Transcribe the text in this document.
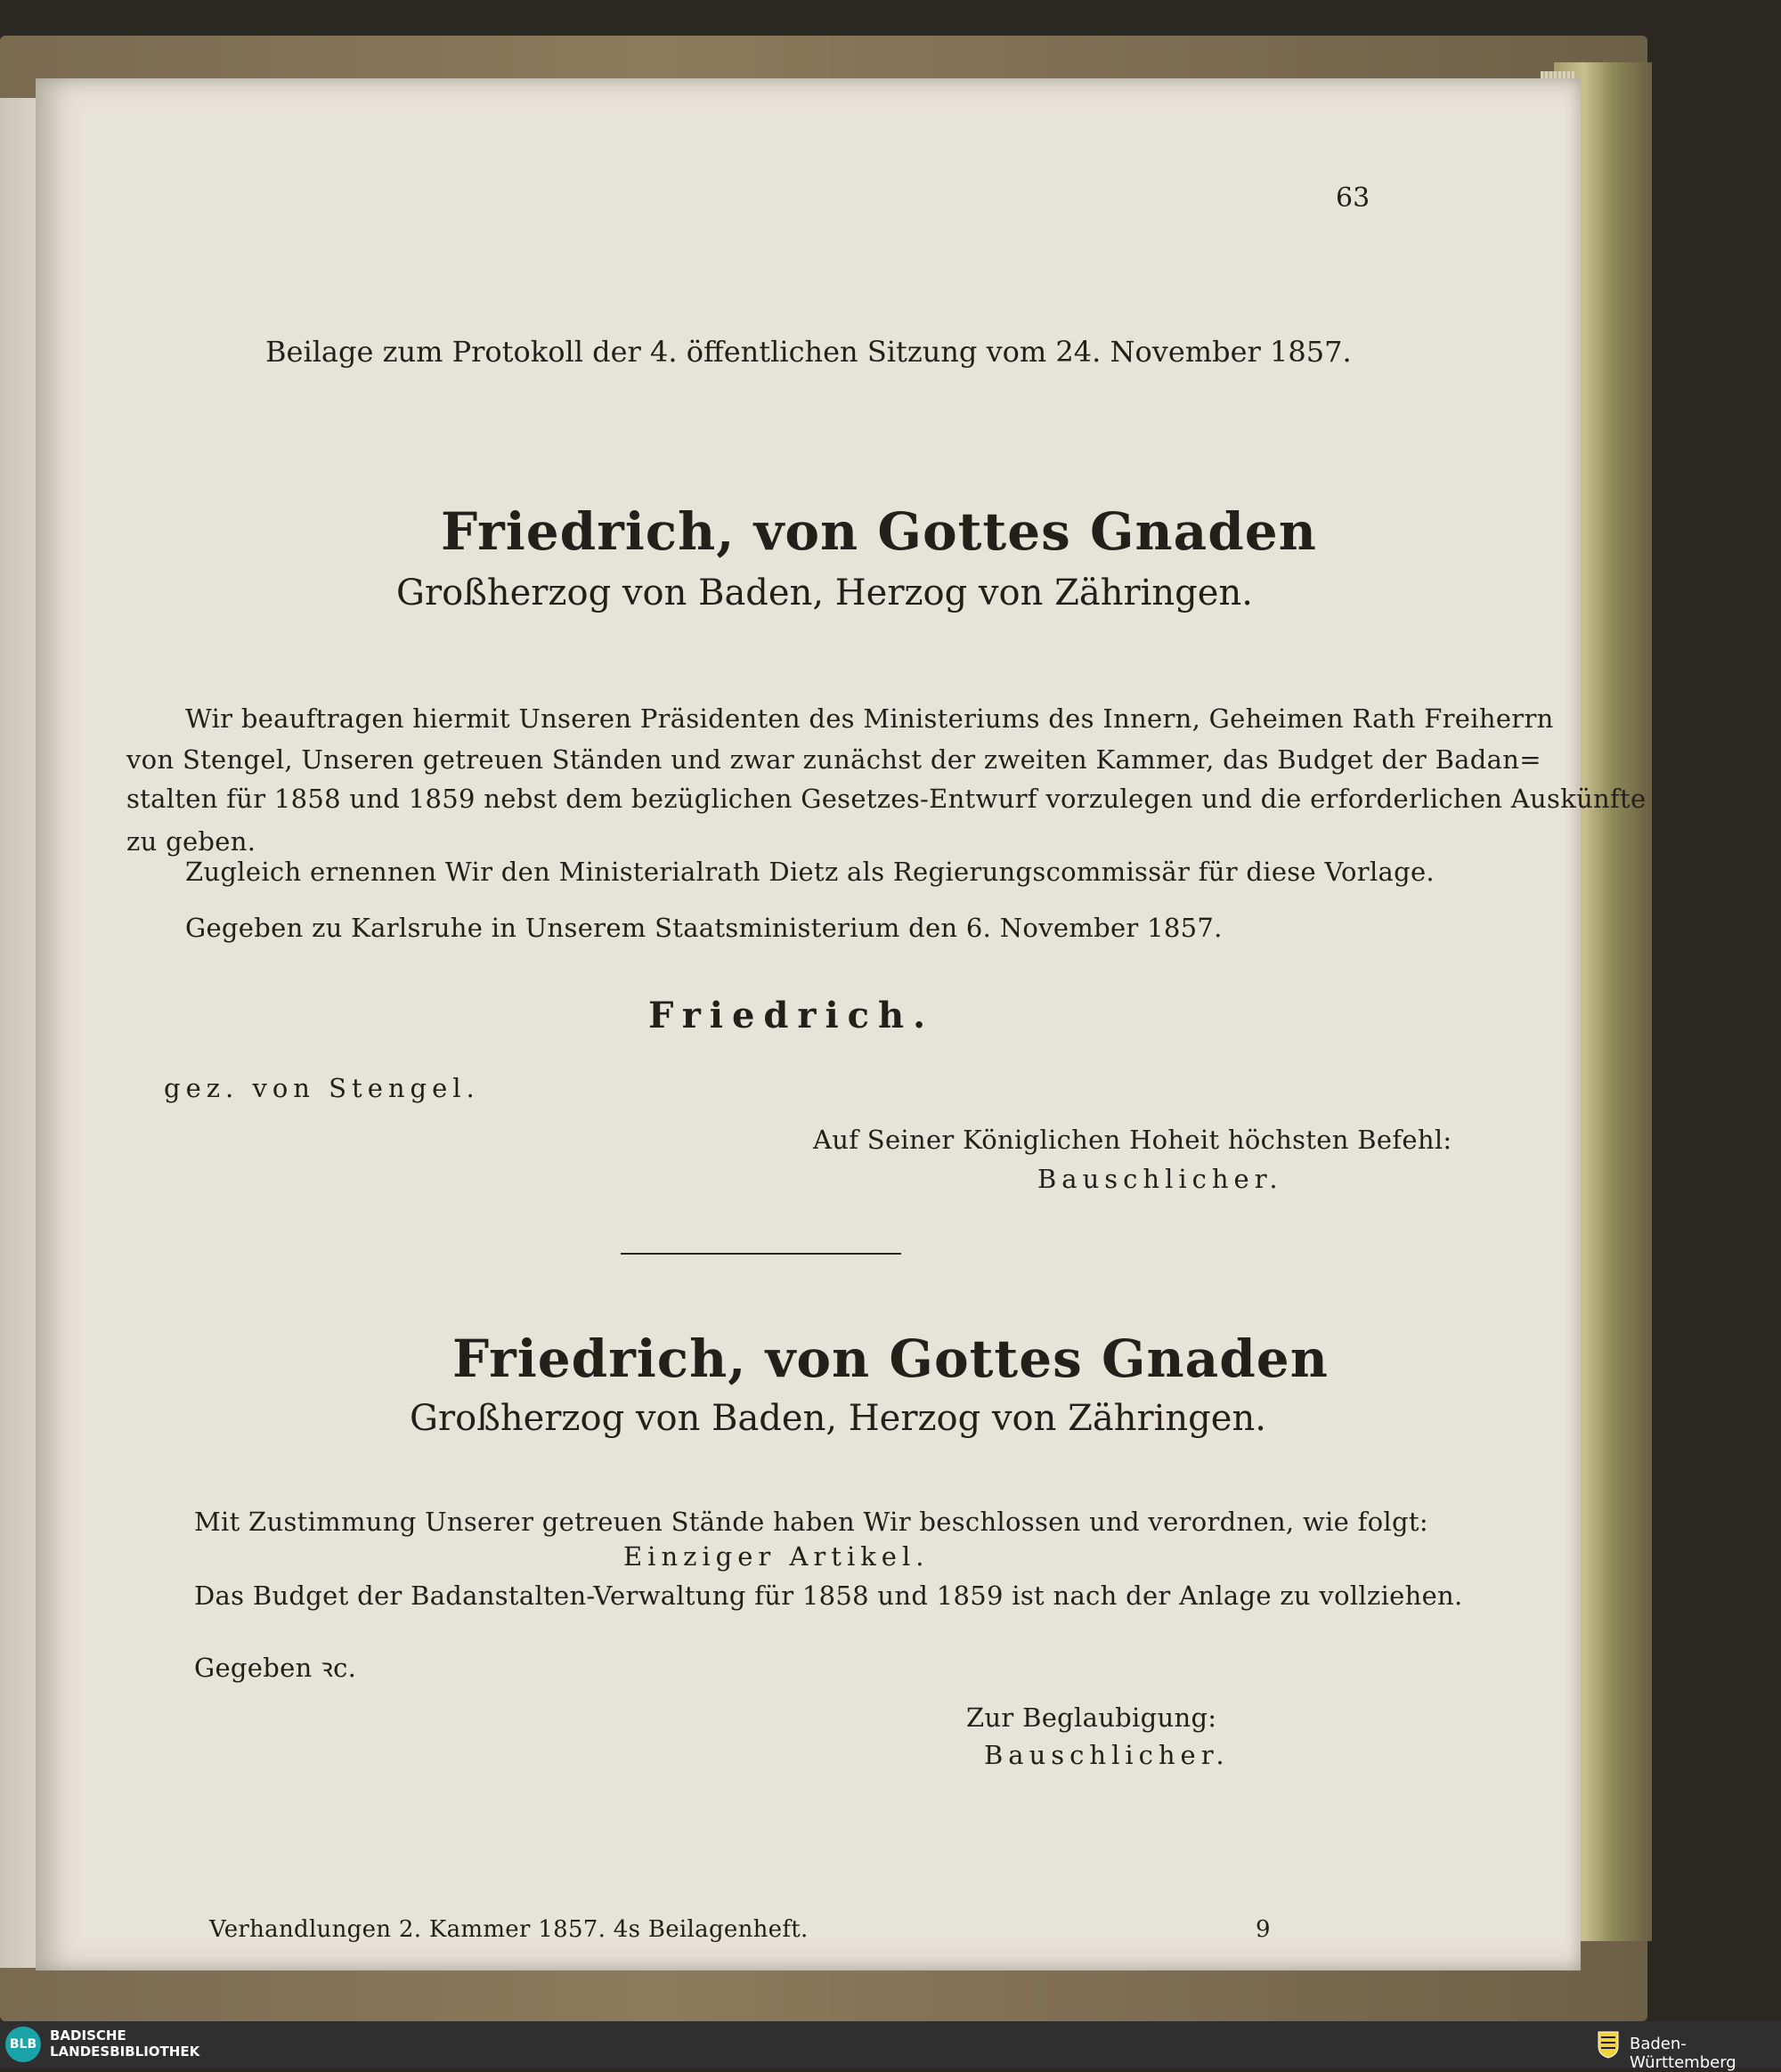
63
Beilage zum Protokoll der 4. öffentlichen Sitzung vom 24. November 1857.
Friedrich, von Gottes Gnaden
Großherzog von Baden, Herzog von Zähringen.
Wir beauftragen hiermit Unseren Präsidenten des Ministeriums des Innern, Geheimen Rath Freiherrn
von Stengel, Unseren getreuen Ständen und zwar zunächst der zweiten Kammer, das Budget der Badan=
stalten für 1858 und 1859 nebst dem bezüglichen Gesetzes-Entwurf vorzulegen und die erforderlichen Auskünfte
zu geben.
Zugleich ernennen Wir den Ministerialrath Dietz als Regierungscommissär für diese Vorlage.
Gegeben zu Karlsruhe in Unserem Staatsministerium den 6. November 1857.
Friedrich.
gez. von Stengel.
Auf Seiner Königlichen Hoheit höchsten Befehl:
Bauschlicher.
Friedrich, von Gottes Gnaden
Großherzog von Baden, Herzog von Zähringen.
Mit Zustimmung Unserer getreuen Stände haben Wir beschlossen und verordnen, wie folgt:
Einziger Artikel.
Das Budget der Badanstalten-Verwaltung für 1858 und 1859 ist nach der Anlage zu vollziehen.
Gegeben ꝛc.
Zur Beglaubigung:
Bauschlicher.
Verhandlungen 2. Kammer 1857. 4s Beilagenheft.	9
BLB
BADISCHE
LANDESBIBLIOTHEK	Baden-Württemberg
